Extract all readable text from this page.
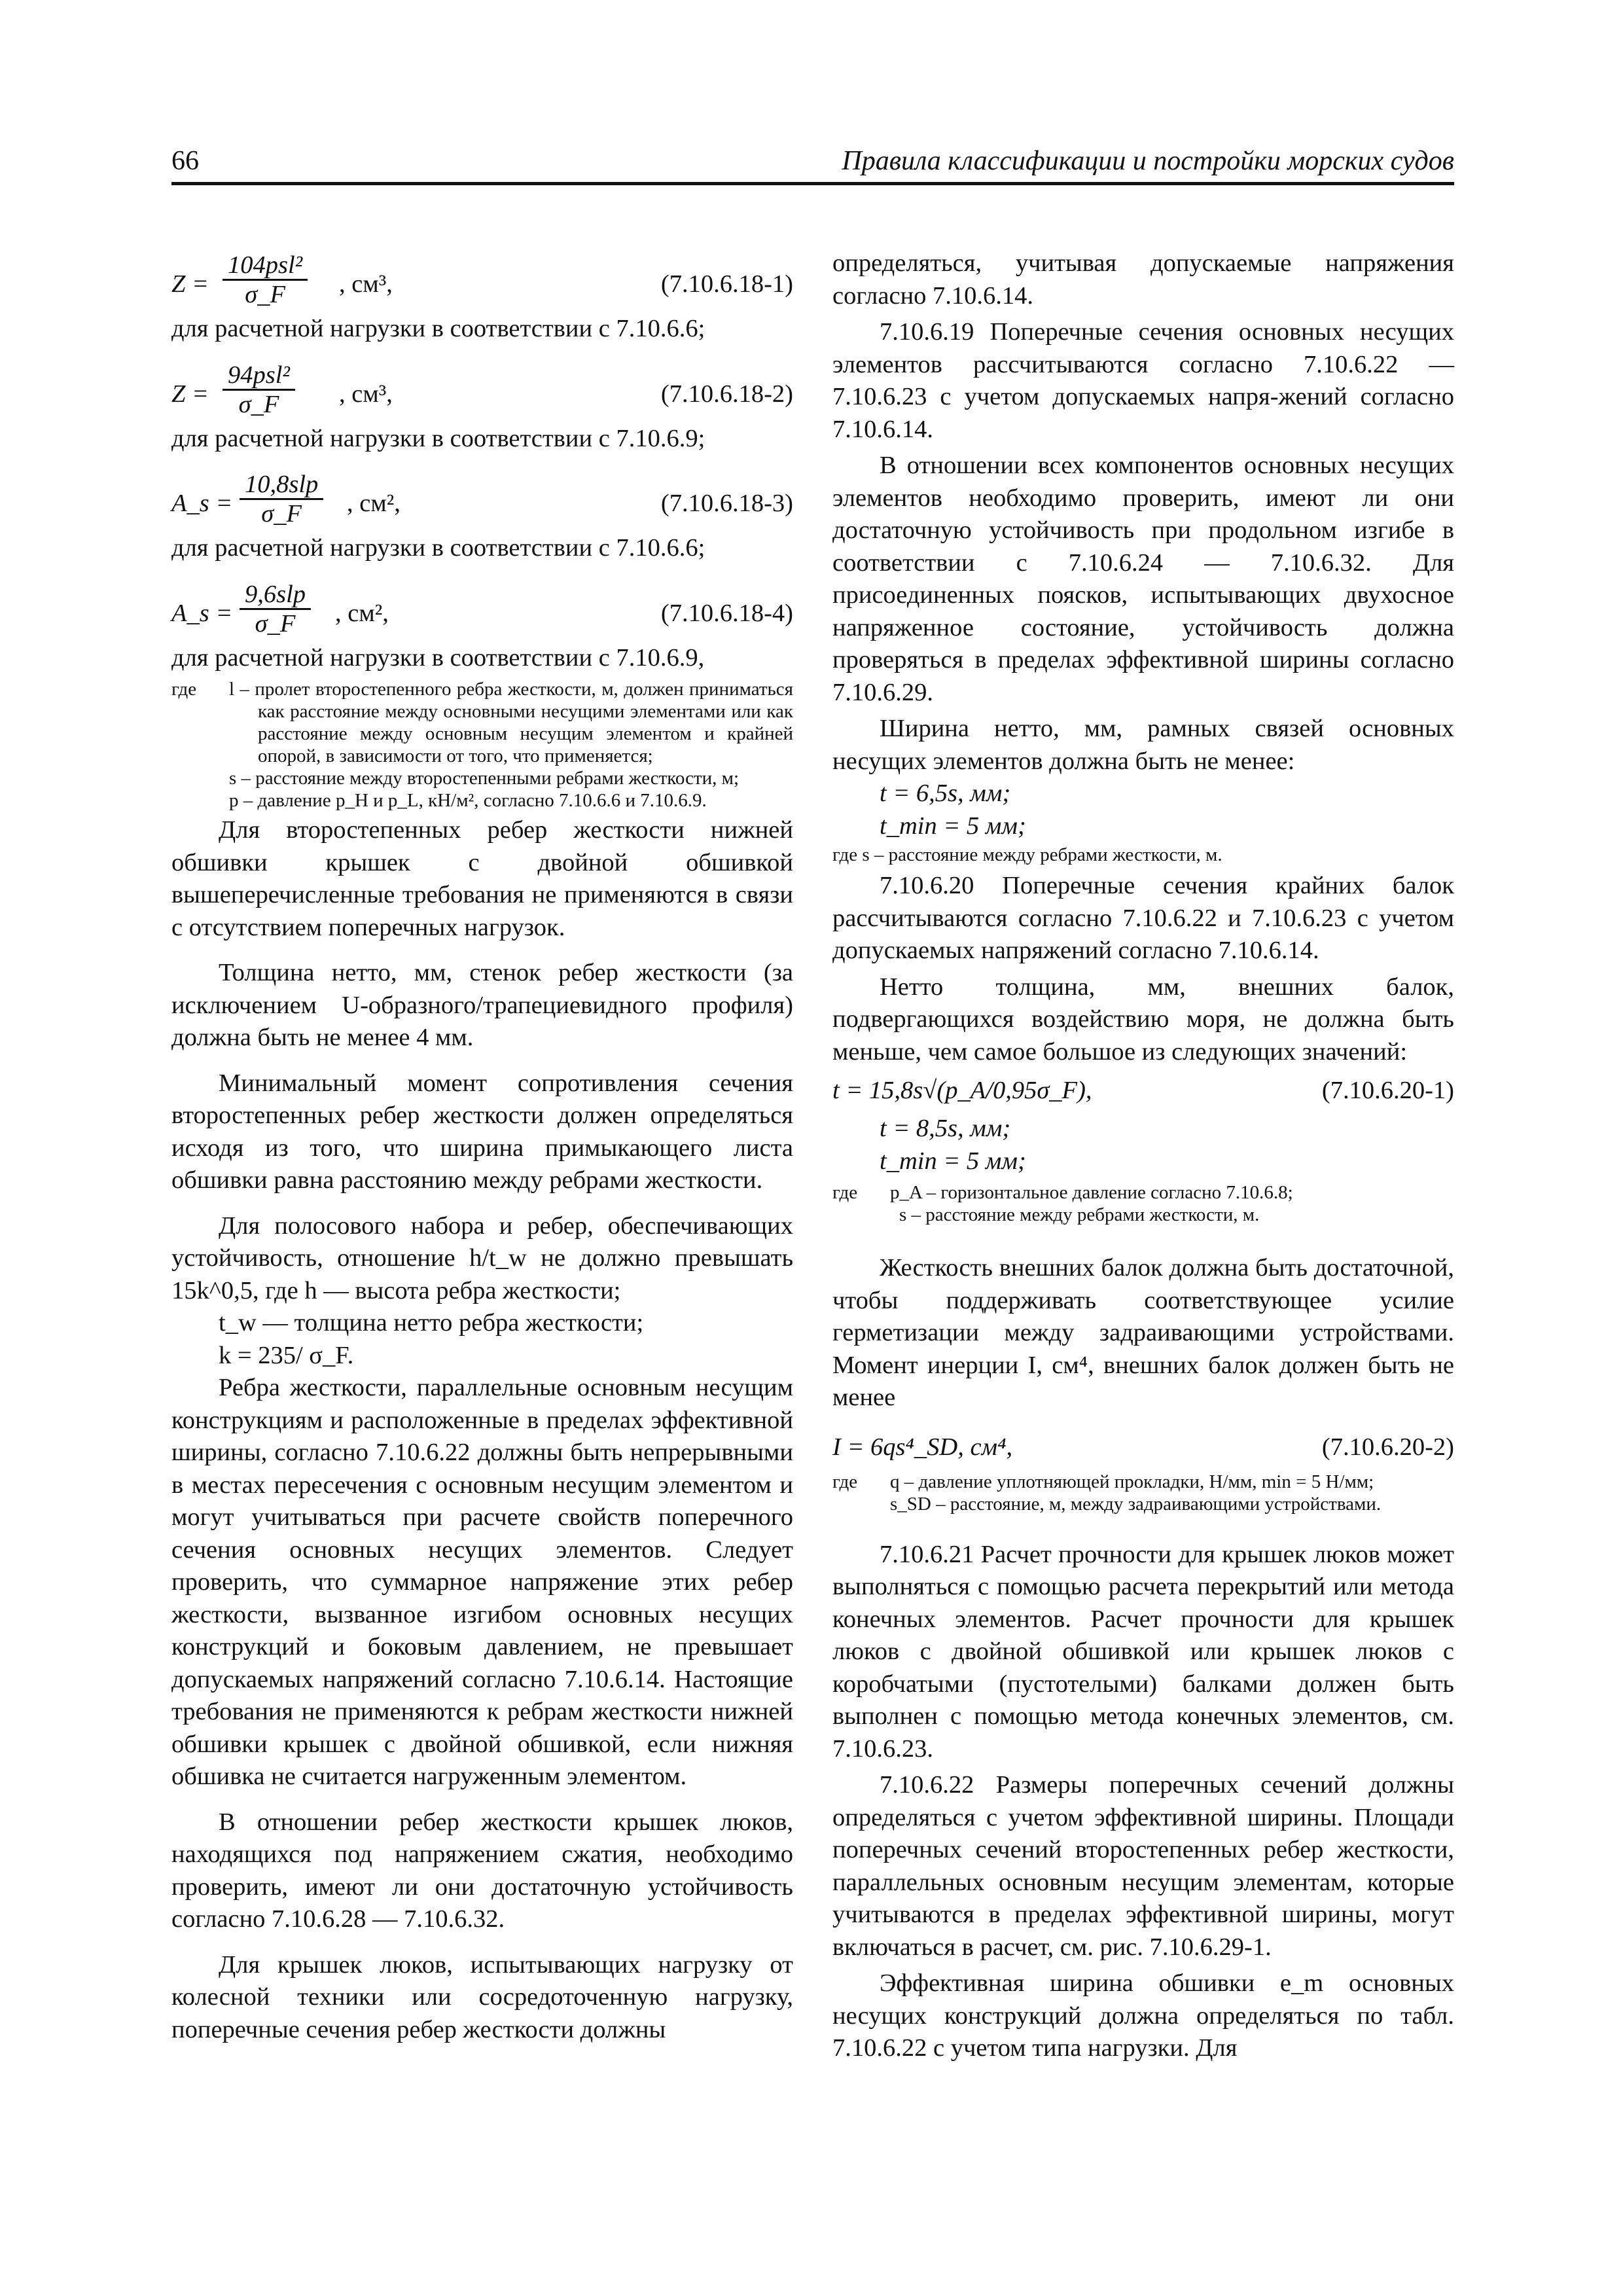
66	Правила классификации и постройки морских судов
Z =
104psl²
σ_F	, см³,	(7.10.6.18-1)

для расчетной нагрузки в соответствии с 7.10.6.6;

Z =
94psl²
σ_F	, см³,	(7.10.6.18-2)

для расчетной нагрузки в соответствии с 7.10.6.9;

A_s =
10,8slp
σ_F	, см²,	(7.10.6.18-3)

для расчетной нагрузки в соответствии с 7.10.6.6;

A_s =
9,6slp
σ_F	, см²,	(7.10.6.18-4)

для расчетной нагрузки в соответствии с 7.10.6.9,

где l – пролет второстепенного ребра жесткости, м, должен приниматься как расстояние между основными несущими элементами или как расстояние между основным несущим элементом и крайней опорой, в зависимости от того, что применяется;
s – расстояние между второстепенными ребрами жесткости, м;
p – давление p_H и p_L, кН/м², согласно 7.10.6.6 и 7.10.6.9.

Для второстепенных ребер жесткости нижней обшивки крышек с двойной обшивкой вышеперечисленные требования не применяются в связи с отсутствием поперечных нагрузок.

Толщина нетто, мм, стенок ребер жесткости (за исключением U-образного/трапециевидного профиля) должна быть не менее 4 мм.

Минимальный момент сопротивления сечения второстепенных ребер жесткости должен определяться исходя из того, что ширина примыкающего листа обшивки равна расстоянию между ребрами жесткости.

Для полосового набора и ребер, обеспечивающих устойчивость, отношение h/t_w не должно превышать 15k^0,5, где h — высота ребра жесткости;

t_w — толщина нетто ребра жесткости;
k = 235/ σ_F.

Ребра жесткости, параллельные основным несущим конструкциям и расположенные в пределах эффективной ширины, согласно 7.10.6.22 должны быть непрерывными в местах пересечения с основным несущим элементом и могут учитываться при расчете свойств поперечного сечения основных несущих элементов. Следует проверить, что суммарное напряжение этих ребер жесткости, вызванное изгибом основных несущих конструкций и боковым давлением, не превышает допускаемых напряжений согласно 7.10.6.14. Настоящие требования не применяются к ребрам жесткости нижней обшивки крышек с двойной обшивкой, если нижняя обшивка не считается нагруженным элементом.

В отношении ребер жесткости крышек люков, находящихся под напряжением сжатия, необходимо проверить, имеют ли они достаточную устойчивость согласно 7.10.6.28 — 7.10.6.32.

Для крышек люков, испытывающих нагрузку от колесной техники или сосредоточенную нагрузку, поперечные сечения ребер жесткости должны

определяться, учитывая допускаемые напряжения согласно 7.10.6.14.

7.10.6.19 Поперечные сечения основных несущих элементов рассчитываются согласно 7.10.6.22 — 7.10.6.23 с учетом допускаемых напря-жений согласно 7.10.6.14.

В отношении всех компонентов основных несущих элементов необходимо проверить, имеют ли они достаточную устойчивость при продольном изгибе в соответствии с 7.10.6.24 — 7.10.6.32. Для присоединенных поясков, испытывающих двухосное напряженное состояние, устойчивость должна проверяться в пределах эффективной ширины согласно 7.10.6.29.

Ширина нетто, мм, рамных связей основных несущих элементов должна быть не менее:

t = 6,5s, мм;
t_min = 5 мм;
где s – расстояние между ребрами жесткости, м.

7.10.6.20 Поперечные сечения крайних балок рассчитываются согласно 7.10.6.22 и 7.10.6.23 с учетом допускаемых напряжений согласно 7.10.6.14.

Нетто толщина, мм, внешних балок, подвергающихся воздействию моря, не должна быть меньше, чем самое большое из следующих значений:

t = 15,8s√(p_A/0,95σ_F),	(7.10.6.20-1)
t = 8,5s, мм;
t_min = 5 мм;
где p_A – горизонтальное давление согласно 7.10.6.8;
s – расстояние между ребрами жесткости, м.

Жесткость внешних балок должна быть достаточной, чтобы поддерживать соответствующее усилие герметизации между задраивающими устройствами. Момент инерции I, см⁴, внешних балок должен быть не менее

I = 6qs⁴_SD, см⁴,	(7.10.6.20-2)
где q – давление уплотняющей прокладки, Н/мм, min = 5 Н/мм;
s_SD – расстояние, м, между задраивающими устройствами.

7.10.6.21 Расчет прочности для крышек люков может выполняться с помощью расчета перекрытий или метода конечных элементов. Расчет прочности для крышек люков с двойной обшивкой или крышек люков с коробчатыми (пустотелыми) балками должен быть выполнен с помощью метода конечных элементов, см. 7.10.6.23.

7.10.6.22 Размеры поперечных сечений должны определяться с учетом эффективной ширины. Площади поперечных сечений второстепенных ребер жесткости, параллельных основным несущим элементам, которые учитываются в пределах эффективной ширины, могут включаться в расчет, см. рис. 7.10.6.29-1.

Эффективная ширина обшивки e_m основных несущих конструкций должна определяться по табл. 7.10.6.22 с учетом типа нагрузки. Для
